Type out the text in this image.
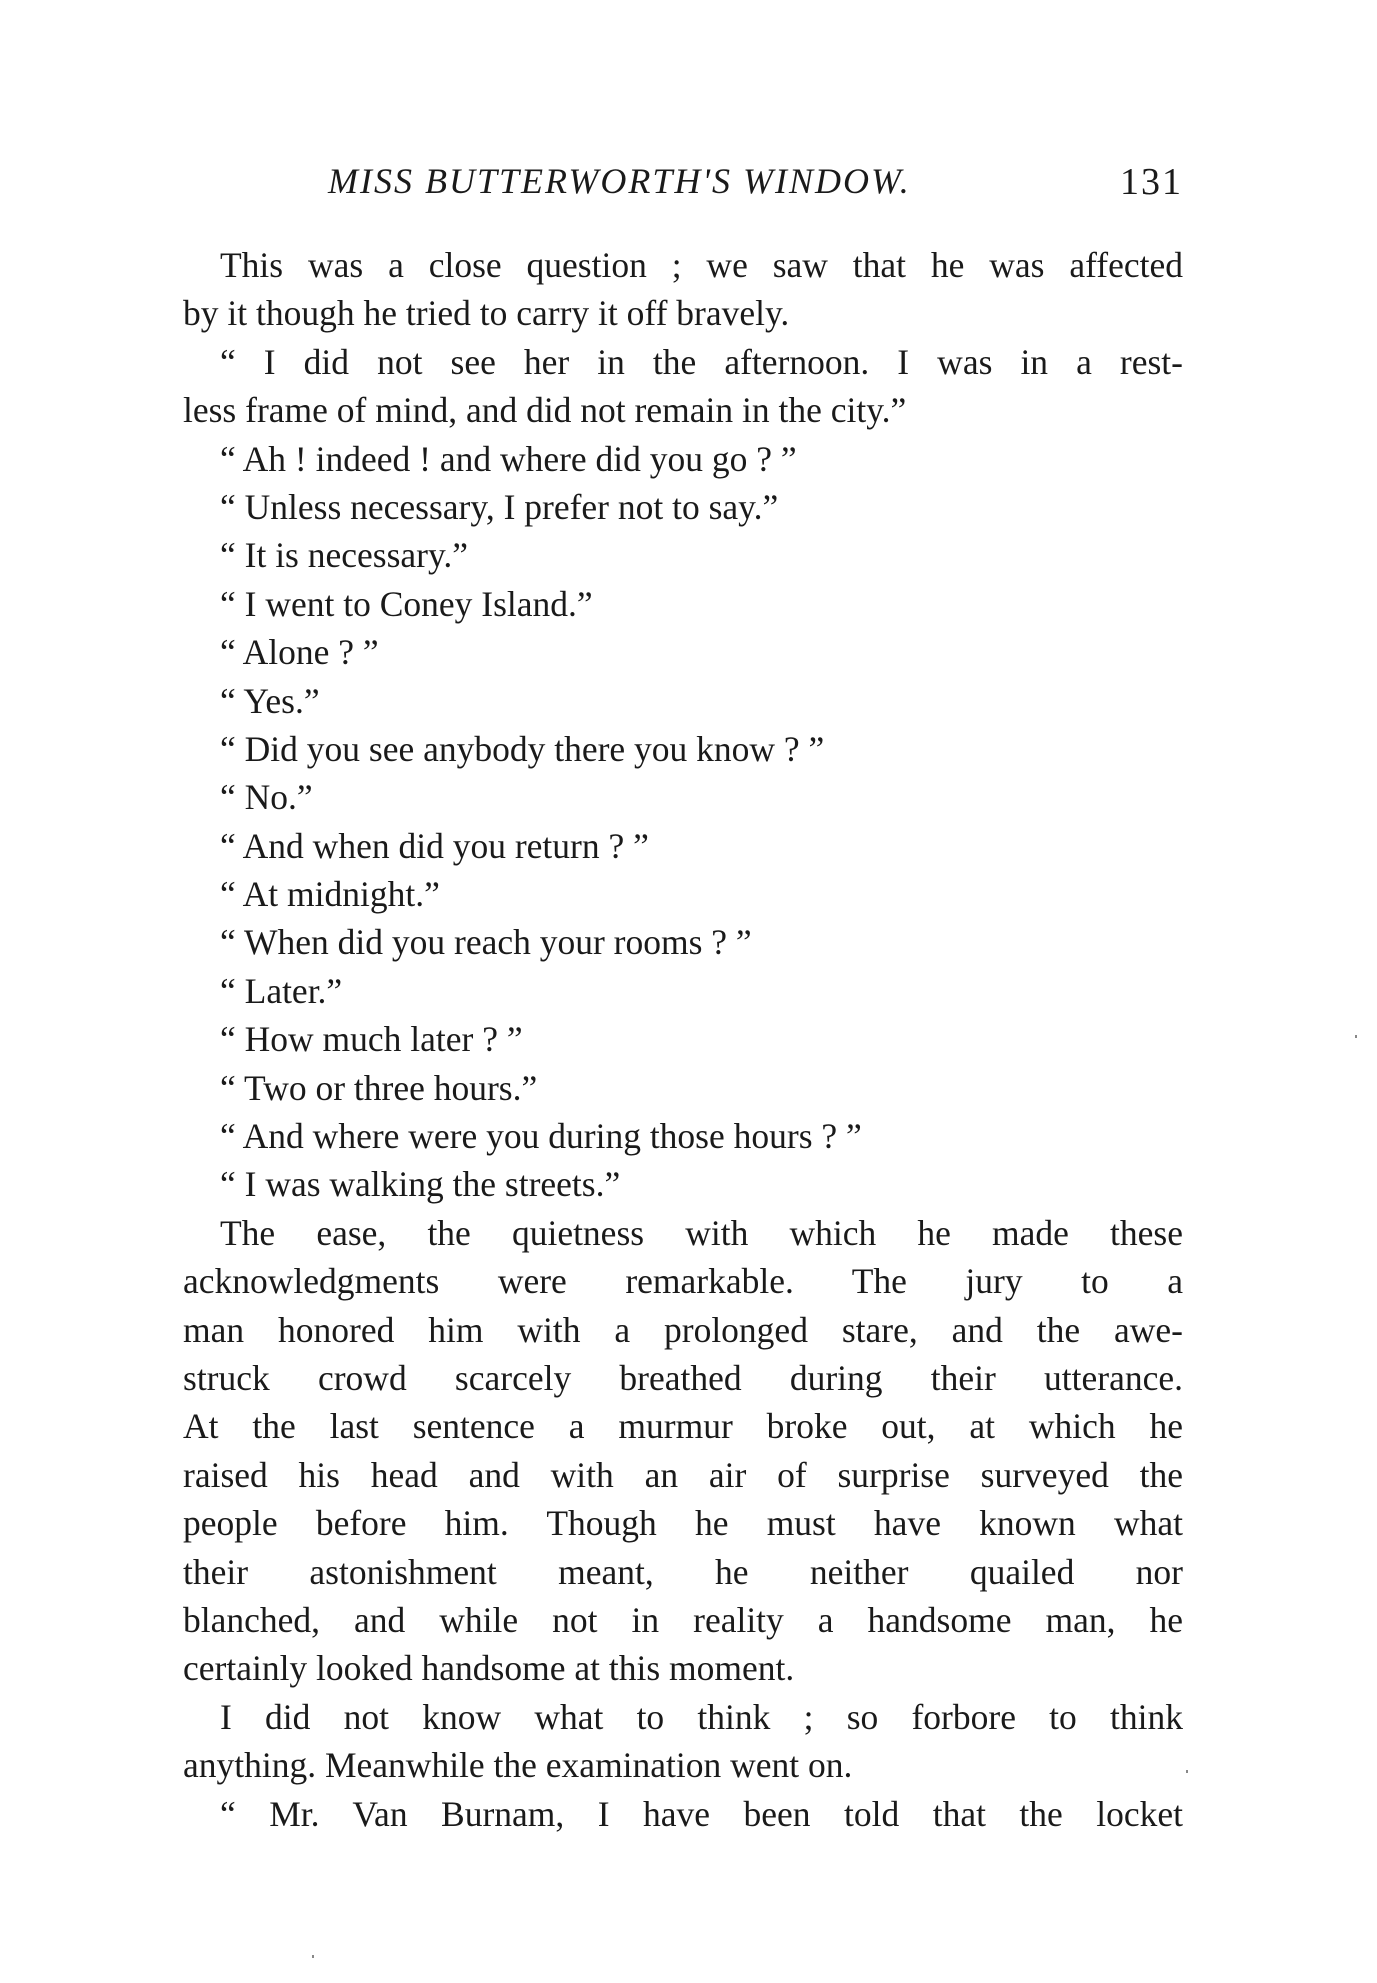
MISS BUTTERWORTH'S WINDOW.	131
This was a close question ; we saw that he was affected
by it though he tried to carry it off bravely.
“ I did not see her in the afternoon. I was in a rest-
less frame of mind, and did not remain in the city.”
“ Ah ! indeed ! and where did you go ? ”
“ Unless necessary, I prefer not to say.”
“ It is necessary.”
“ I went to Coney Island.”
“ Alone ? ”
“ Yes.”
“ Did you see anybody there you know ? ”
“ No.”
“ And when did you return ? ”
“ At midnight.”
“ When did you reach your rooms ? ”
“ Later.”
“ How much later ? ”
“ Two or three hours.”
“ And where were you during those hours ? ”
“ I was walking the streets.”
The ease, the quietness with which he made these
acknowledgments were remarkable. The jury to a
man honored him with a prolonged stare, and the awe-
struck crowd scarcely breathed during their utterance.
At the last sentence a murmur broke out, at which he
raised his head and with an air of surprise surveyed the
people before him. Though he must have known what
their astonishment meant, he neither quailed nor
blanched, and while not in reality a handsome man, he
certainly looked handsome at this moment.
I did not know what to think ; so forbore to think
anything. Meanwhile the examination went on.
“ Mr. Van Burnam, I have been told that the locket
